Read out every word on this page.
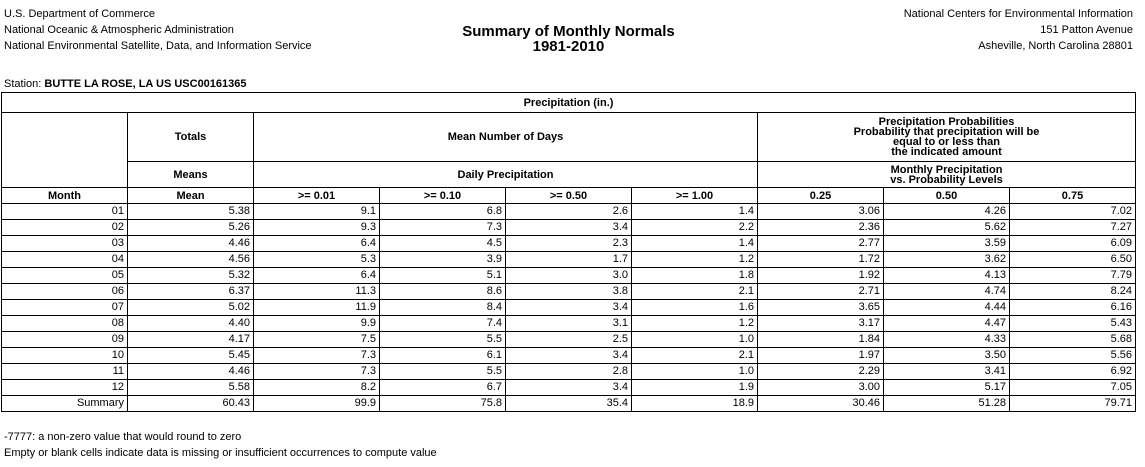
U.S. Department of Commerce
National Oceanic & Atmospheric Administration
National Environmental Satellite, Data, and Information Service
Summary of Monthly Normals
1981-2010
National Centers for Environmental Information
151 Patton Avenue
Asheville, North Carolina 28801
Station: BUTTE LA ROSE, LA US USC00161365
Precipitation (in.)								
	Totals	Mean Number of Days				Precipitation Probabilities
Probability that precipitation will be
equal to or less than
the indicated amount		

	Means	Daily Precipitation				Monthly Precipitation
vs. Probability Levels		

Month	Mean	>= 0.01	>= 0.10	>= 0.50	>= 1.00	0.25	0.50	0.75
01	5.38	9.1	6.8	2.6	1.4	3.06	4.26	7.02
02	5.26	9.3	7.3	3.4	2.2	2.36	5.62	7.27
03	4.46	6.4	4.5	2.3	1.4	2.77	3.59	6.09
04	4.56	5.3	3.9	1.7	1.2	1.72	3.62	6.50
05	5.32	6.4	5.1	3.0	1.8	1.92	4.13	7.79
06	6.37	11.3	8.6	3.8	2.1	2.71	4.74	8.24
07	5.02	11.9	8.4	3.4	1.6	3.65	4.44	6.16
08	4.40	9.9	7.4	3.1	1.2	3.17	4.47	5.43
09	4.17	7.5	5.5	2.5	1.0	1.84	4.33	5.68
10	5.45	7.3	6.1	3.4	2.1	1.97	3.50	5.56
11	4.46	7.3	5.5	2.8	1.0	2.29	3.41	6.92
12	5.58	8.2	6.7	3.4	1.9	3.00	5.17	7.05
Summary	60.43	99.9	75.8	35.4	18.9	30.46	51.28	79.71
-7777: a non-zero value that would round to zero
Empty or blank cells indicate data is missing or insufficient occurrences to compute value
